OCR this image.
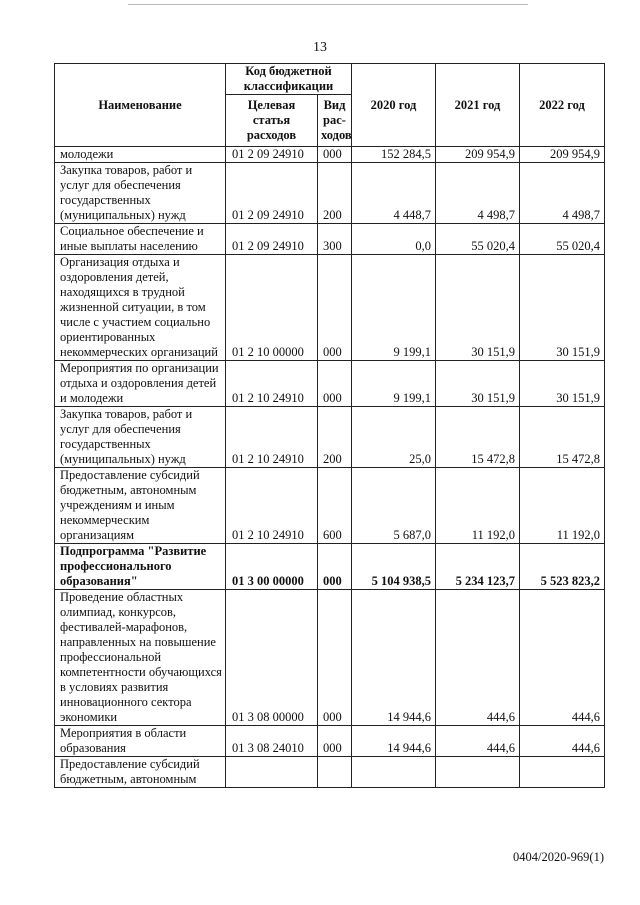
13
Наименование	Код бюджетной классификации		2020 год	2021 год	2022 год
	Целевая статья расходов	Вид рас-ходов			
молодежи	01 2 09 24910	000	152 284,5	209 954,9	209 954,9
Закупка товаров, работ и услуг для обеспечения государственных (муниципальных) нужд	01 2 09 24910	200	4 448,7	4 498,7	4 498,7
Социальное обеспечение и иные выплаты населению	01 2 09 24910	300	0,0	55 020,4	55 020,4
Организация отдыха и оздоровления детей, находящихся в трудной жизненной ситуации, в том числе с участием социально ориентированных некоммерческих организаций	01 2 10 00000	000	9 199,1	30 151,9	30 151,9
Мероприятия по организации отдыха и оздоровления детей и молодежи	01 2 10 24910	000	9 199,1	30 151,9	30 151,9
Закупка товаров, работ и услуг для обеспечения государственных (муниципальных) нужд	01 2 10 24910	200	25,0	15 472,8	15 472,8
Предоставление субсидий бюджетным, автономным учреждениям и иным некоммерческим организациям	01 2 10 24910	600	5 687,0	11 192,0	11 192,0
Подпрограмма "Развитие профессионального образования"	01 3 00 00000	000	5 104 938,5	5 234 123,7	5 523 823,2
Проведение областных олимпиад, конкурсов, фестивалей-марафонов, направленных на повышение профессиональной компетентности обучающихся в условиях развития инновационного сектора экономики	01 3 08 00000	000	14 944,6	444,6	444,6
Мероприятия в области образования	01 3 08 24010	000	14 944,6	444,6	444,6
Предоставление субсидий бюджетным, автономным					
0404/2020-969(1)
